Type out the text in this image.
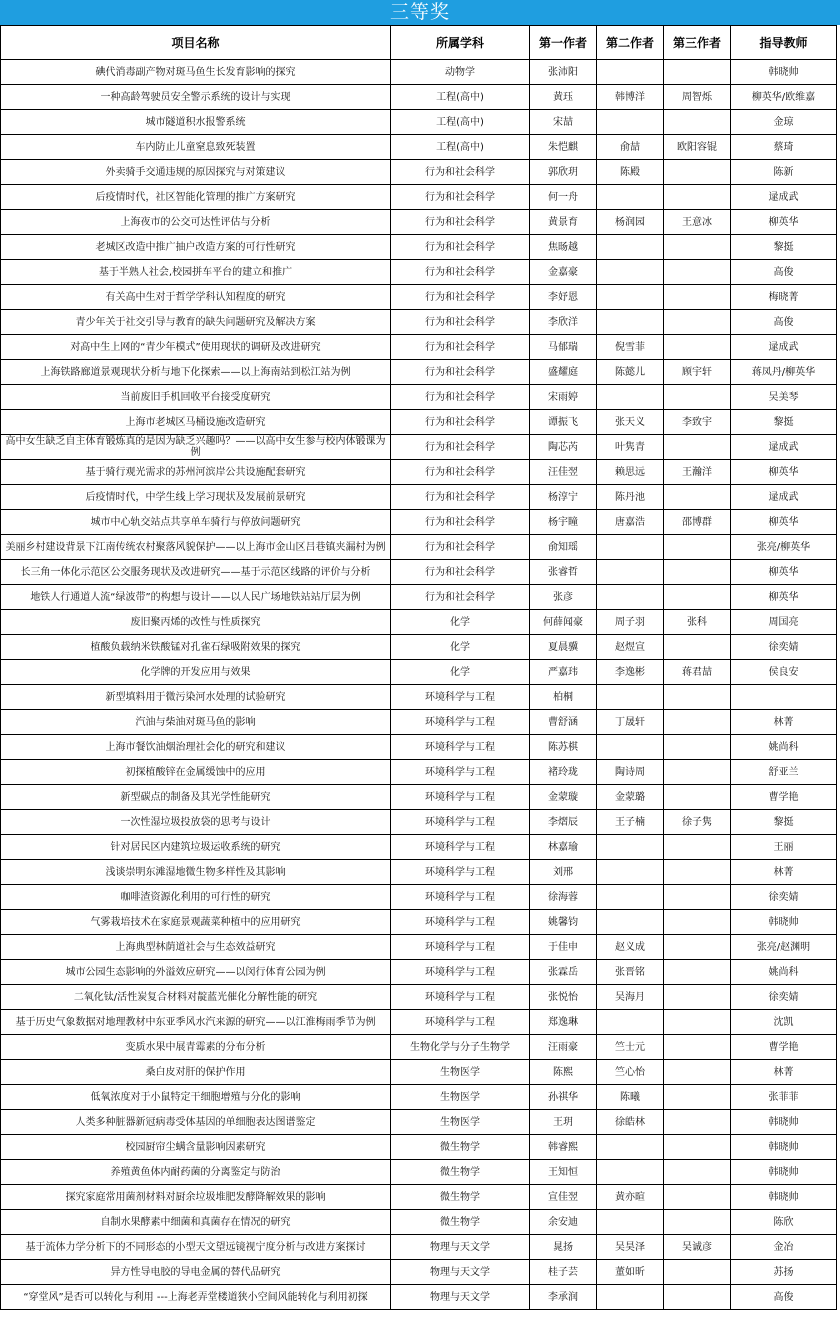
三等奖
项目名称	所属学科	第一作者	第二作者	第三作者	指导教师
碘代消毒副产物对斑马鱼生长发育影响的探究	动物学	张沛阳			韩晓帅
一种高龄驾驶员安全警示系统的设计与实现	工程(高中)	黄珏	韩博洋	周智烁	柳英华/欧维嘉
城市隧道积水报警系统	工程(高中)	宋喆			金琼
车内防止儿童窒息致死装置	工程(高中)	朱恺麒	俞喆	欧阳容锟	蔡琦
外卖骑手交通违规的原因探究与对策建议	行为和社会科学	郭欣玥	陈殿		陈新
后疫情时代，社区智能化管理的推广方案研究	行为和社会科学	何一舟			逯成武
上海夜市的公交可达性评估与分析	行为和社会科学	黄景育	杨润园	王意冰	柳英华
老城区改造中推广抽户改造方案的可行性研究	行为和社会科学	焦旸越			黎挺
基于半熟人社会,校园拼车平台的建立和推广	行为和社会科学	金嘉豪			高俊
有关高中生对于哲学学科认知程度的研究	行为和社会科学	李妤恩			梅晓菁
青少年关于社交引导与教育的缺失问题研究及解决方案	行为和社会科学	李欣洋			高俊
对高中生上网的“青少年模式”使用现状的调研及改进研究	行为和社会科学	马郁瑞	倪雪菲		逯成武
上海铁路廊道景观现状分析与地下化探索——以上海南站到松江站为例	行为和社会科学	盛耀庭	陈懿儿	顾宇轩	蒋凤丹/柳英华
当前废旧手机回收平台接受度研究	行为和社会科学	宋雨婷			吴美琴
上海市老城区马桶设施改造研究	行为和社会科学	谭振飞	张天义	李致宇	黎挺
高中女生缺乏自主体育锻炼真的是因为缺乏兴趣吗？——以高中女生参与校内体锻课为例	行为和社会科学	陶芯芮	叶隽青		逯成武
基于骑行观光需求的苏州河滨岸公共设施配套研究	行为和社会科学	汪佳翌	赖思远	王瀚洋	柳英华
后疫情时代，中学生线上学习现状及发展前景研究	行为和社会科学	杨淳宁	陈丹池		逯成武
城市中心轨交站点共享单车骑行与停放问题研究	行为和社会科学	杨宇瞳	唐嘉浩	邵博群	柳英华
美丽乡村建设背景下江南传统农村聚落风貌保护——以上海市金山区吕巷镇夹漏村为例	行为和社会科学	俞知瑶			张亮/柳英华
长三角一体化示范区公交服务现状及改进研究——基于示范区线路的评价与分析	行为和社会科学	张睿哲			柳英华
地铁人行通道人流“绿波带”的构想与设计——以人民广场地铁站站厅层为例	行为和社会科学	张彦			柳英华
废旧聚丙烯的改性与性质探究	化学	何薛闻豪	周子羽	张科	周国亮
植酸负载纳米铁酸锰对孔雀石绿吸附效果的探究	化学	夏晨骥	赵煜宣		徐奕婧
化学牌的开发应用与效果	化学	严嘉玮	李逸彬	蒋君喆	侯良安
新型填料用于微污染河水处理的试验研究	环境科学与工程	柏桐			
汽油与柴油对斑马鱼的影响	环境科学与工程	曹舒涵	丁晟轩		林菁
上海市餐饮油烟治理社会化的研究和建议	环境科学与工程	陈苏棋			姚尚科
初探植酸锌在金属缓蚀中的应用	环境科学与工程	褚玲珑	陶诗周		舒亚兰
新型碳点的制备及其光学性能研究	环境科学与工程	金蒙璇	金蒙璐		曹学艳
一次性湿垃圾投放袋的思考与设计	环境科学与工程	李熠辰	王子楠	徐子隽	黎挺
针对居民区内建筑垃圾运收系统的研究	环境科学与工程	林嘉瑜			王丽
浅谈崇明东滩湿地微生物多样性及其影响	环境科学与工程	刘邢			林菁
咖啡渣资源化利用的可行性的研究	环境科学与工程	徐海蓉			徐奕婧
气雾栽培技术在家庭景观蔬菜种植中的应用研究	环境科学与工程	姚馨钧			韩晓帅
上海典型林荫道社会与生态效益研究	环境科学与工程	于佳申	赵义成		张亮/赵渊明
城市公园生态影响的外溢效应研究——以闵行体育公园为例	环境科学与工程	张霖岳	张晋铭		姚尚科
二氧化钛/活性炭复合材料对靛蓝光催化分解性能的研究	环境科学与工程	张悦怡	吴海月		徐奕婧
基于历史气象数据对地理教材中东亚季风水汽来源的研究——以江淮梅雨季节为例	环境科学与工程	郑逸琳			沈凯
变质水果中展青霉素的分布分析	生物化学与分子生物学	汪雨豪	竺士元		曹学艳
桑白皮对肝的保护作用	生物医学	陈熙	竺心怡		林菁
低氧浓度对于小鼠特定干细胞增殖与分化的影响	生物医学	孙祺华	陈曦		张菲菲
人类多种脏器新冠病毒受体基因的单细胞表达图谱鉴定	生物医学	王玥	徐皓林		韩晓帅
校园厨帘尘螨含量影响因素研究	微生物学	韩睿熙			韩晓帅
养殖黄鱼体内耐药菌的分离鉴定与防治	微生物学	王知恒			韩晓帅
探究家庭常用菌剂材料对厨余垃圾堆肥发酵降解效果的影响	微生物学	宣佳翌	黄亦暄		韩晓帅
自制水果酵素中细菌和真菌存在情况的研究	微生物学	余安迪			陈欣
基于流体力学分析下的不同形态的小型天文望远镜视宁度分析与改进方案探讨	物理与天文学	晁扬	吴昊泽	吴诚彦	金冶
异方性导电胶的导电金属的替代品研究	物理与天文学	桂子芸	董如昕		苏扬
“穿堂风”是否可以转化与利用 ---上海老弄堂楼道狭小空间风能转化与利用初探	物理与天文学	李承润			高俊
